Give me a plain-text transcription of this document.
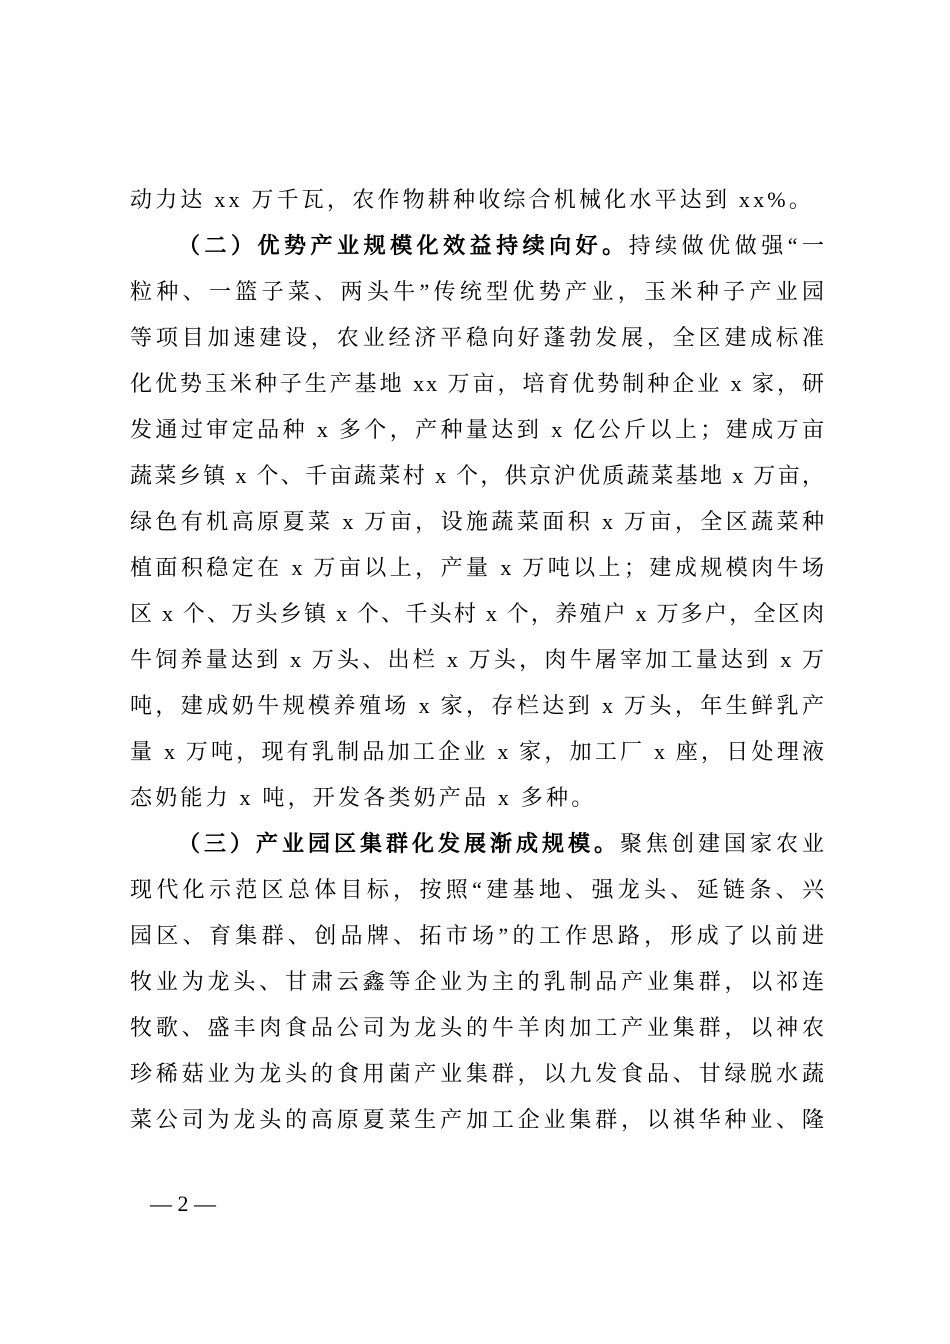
动力达 xx 万千瓦，农作物耕种收综合机械化水平达到 xx%。
（二）优势产业规模化效益持续向好。持续做优做强“一
粒种、一篮子菜、两头牛”传统型优势产业，玉米种子产业园
等项目加速建设，农业经济平稳向好蓬勃发展，全区建成标准
化优势玉米种子生产基地 xx 万亩，培育优势制种企业 x 家，研
发通过审定品种 x 多个，产种量达到 x 亿公斤以上；建成万亩
蔬菜乡镇 x 个、千亩蔬菜村 x 个，供京沪优质蔬菜基地 x 万亩，
绿色有机高原夏菜 x 万亩，设施蔬菜面积 x 万亩，全区蔬菜种
植面积稳定在 x 万亩以上，产量 x 万吨以上；建成规模肉牛场
区 x 个、万头乡镇 x 个、千头村 x 个，养殖户 x 万多户，全区肉
牛饲养量达到 x 万头、出栏 x 万头，肉牛屠宰加工量达到 x 万
吨，建成奶牛规模养殖场 x 家，存栏达到 x 万头，年生鲜乳产
量 x 万吨，现有乳制品加工企业 x 家，加工厂 x 座，日处理液
态奶能力 x 吨，开发各类奶产品 x 多种。
（三）产业园区集群化发展渐成规模。聚焦创建国家农业
现代化示范区总体目标，按照“建基地、强龙头、延链条、兴
园区、育集群、创品牌、拓市场”的工作思路，形成了以前进
牧业为龙头、甘肃云鑫等企业为主的乳制品产业集群，以祁连
牧歌、盛丰肉食品公司为龙头的牛羊肉加工产业集群，以神农
珍稀菇业为龙头的食用菌产业集群，以九发食品、甘绿脱水蔬
菜公司为龙头的高原夏菜生产加工企业集群，以祺华种业、隆
— 2 —
